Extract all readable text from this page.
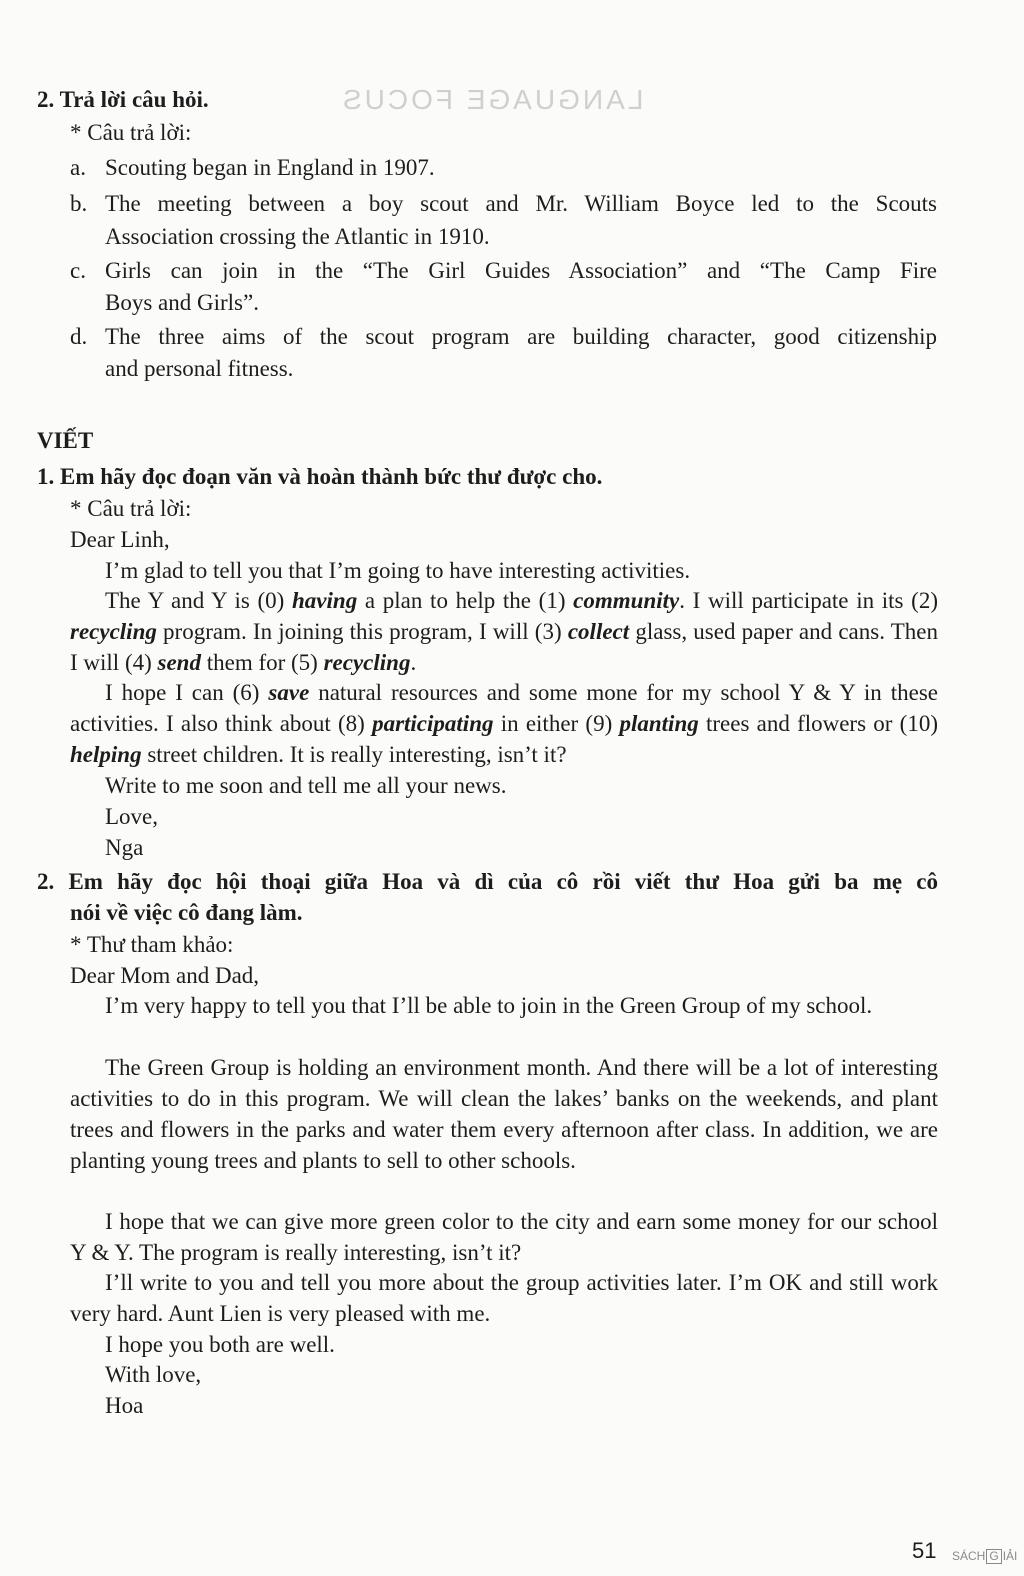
LANGUAGE FOCUS
2. Trả lời câu hỏi.
* Câu trả lời:
a. Scouting began in England in 1907.
b. The meeting between a boy scout and Mr. William Boyce led to the Scouts
Association crossing the Atlantic in 1910.
c. Girls can join in the “The Girl Guides Association” and “The Camp Fire
Boys and Girls”.
d. The three aims of the scout program are building character, good citizenship
and personal fitness.
VIẾT
1. Em hãy đọc đoạn văn và hoàn thành bức thư được cho.
* Câu trả lời:
Dear Linh,
I’m glad to tell you that I’m going to have interesting activities.
The Y and Y is (0) having a plan to help the (1) community. I will participate in its (2) recycling program. In joining this program, I will (3) collect glass, used paper and cans. Then I will (4) send them for (5) recycling.
I hope I can (6) save natural resources and some mone for my school Y & Y in these activities. I also think about (8) participating in either (9) planting trees and flowers or (10) helping street children. It is really interesting, isn’t it?
Write to me soon and tell me all your news.
Love,
Nga
2. Em hãy đọc hội thoại giữa Hoa và dì của cô rồi viết thư Hoa gửi ba mẹ cô
nói về việc cô đang làm.
* Thư tham khảo:
Dear Mom and Dad,
I’m very happy to tell you that I’ll be able to join in the Green Group of my school.
The Green Group is holding an environment month. And there will be a lot of interesting activities to do in this program. We will clean the lakes’ banks on the weekends, and plant trees and flowers in the parks and water them every afternoon after class. In addition, we are planting young trees and plants to sell to other schools.
I hope that we can give more green color to the city and earn some money for our school Y & Y. The program is really interesting, isn’t it?
I’ll write to you and tell you more about the group activities later. I’m OK and still work very hard. Aunt Lien is very pleased with me.
I hope you both are well.
With love,
Hoa
51 SÁCH G IẢI
